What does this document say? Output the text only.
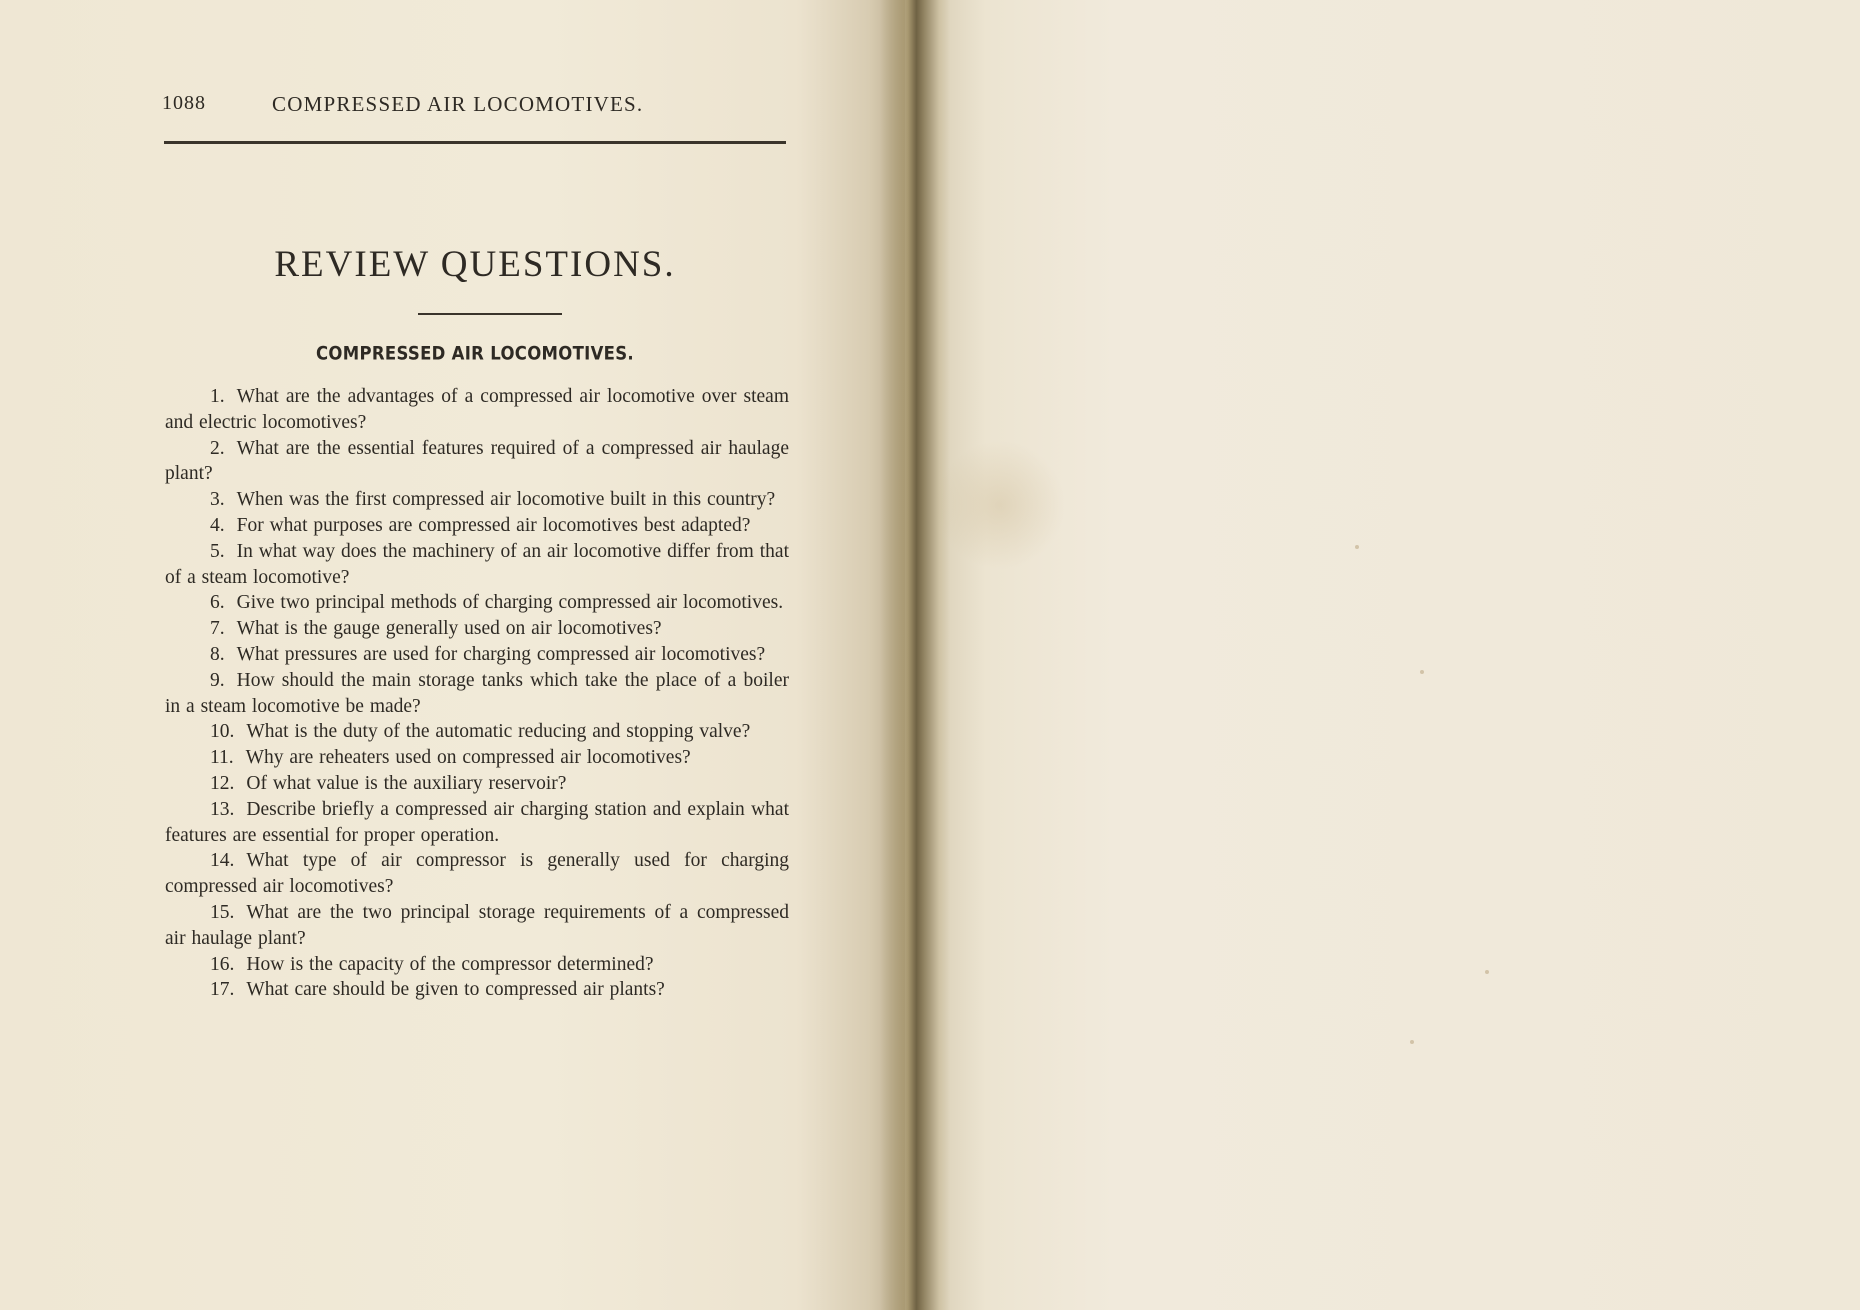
1088	COMPRESSED AIR LOCOMOTIVES.
REVIEW QUESTIONS.
COMPRESSED AIR LOCOMOTIVES.
1. What are the advantages of a compressed air locomotive over steam and electric locomotives?
2. What are the essential features required of a compressed air haulage plant?
3. When was the first compressed air locomotive built in this country?
4. For what purposes are compressed air locomotives best adapted?
5. In what way does the machinery of an air locomotive differ from that of a steam locomotive?
6. Give two principal methods of charging compressed air locomotives.
7. What is the gauge generally used on air locomotives?
8. What pressures are used for charging compressed air locomotives?
9. How should the main storage tanks which take the place of a boiler in a steam locomotive be made?
10. What is the duty of the automatic reducing and stopping valve?
11. Why are reheaters used on compressed air locomotives?
12. Of what value is the auxiliary reservoir?
13. Describe briefly a compressed air charging station and explain what features are essential for proper operation.
14. What type of air compressor is generally used for charging compressed air locomotives?
15. What are the two principal storage requirements of a compressed air haulage plant?
16. How is the capacity of the compressor determined?
17. What care should be given to compressed air plants?
